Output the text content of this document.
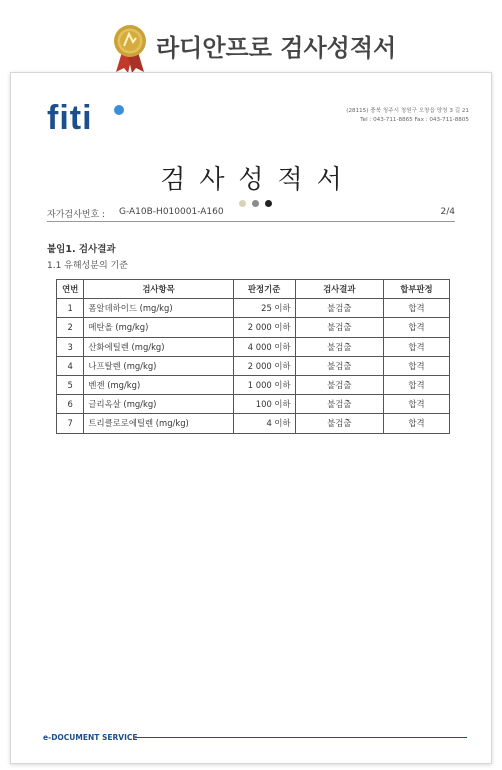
라디안프로 검사성적서
fiti	(28115) 충북 청주시 청원구 오창읍 양청 3 길 21
Tel : 043-711-8865 Fax : 043-711-8805
검사성적서
자가검사번호 : G-A10B-H010001-A160	2/4
붙임1. 검사결과
1.1 유해성분의 기준
연번	검사항목	판정기준	검사결과	합부판정
1	폼알데하이드 (mg/kg)	25 이하	불검출	합격
2	메탄올 (mg/kg)	2 000 이하	불검출	합격
3	산화에틸렌 (mg/kg)	4 000 이하	불검출	합격
4	나프탈렌 (mg/kg)	2 000 이하	불검출	합격
5	벤젠 (mg/kg)	1 000 이하	불검출	합격
6	글리옥살 (mg/kg)	100 이하	불검출	합격
7	트리클로로에틸렌 (mg/kg)	4 이하	불검출	합격
e-DOCUMENT SERVICE
